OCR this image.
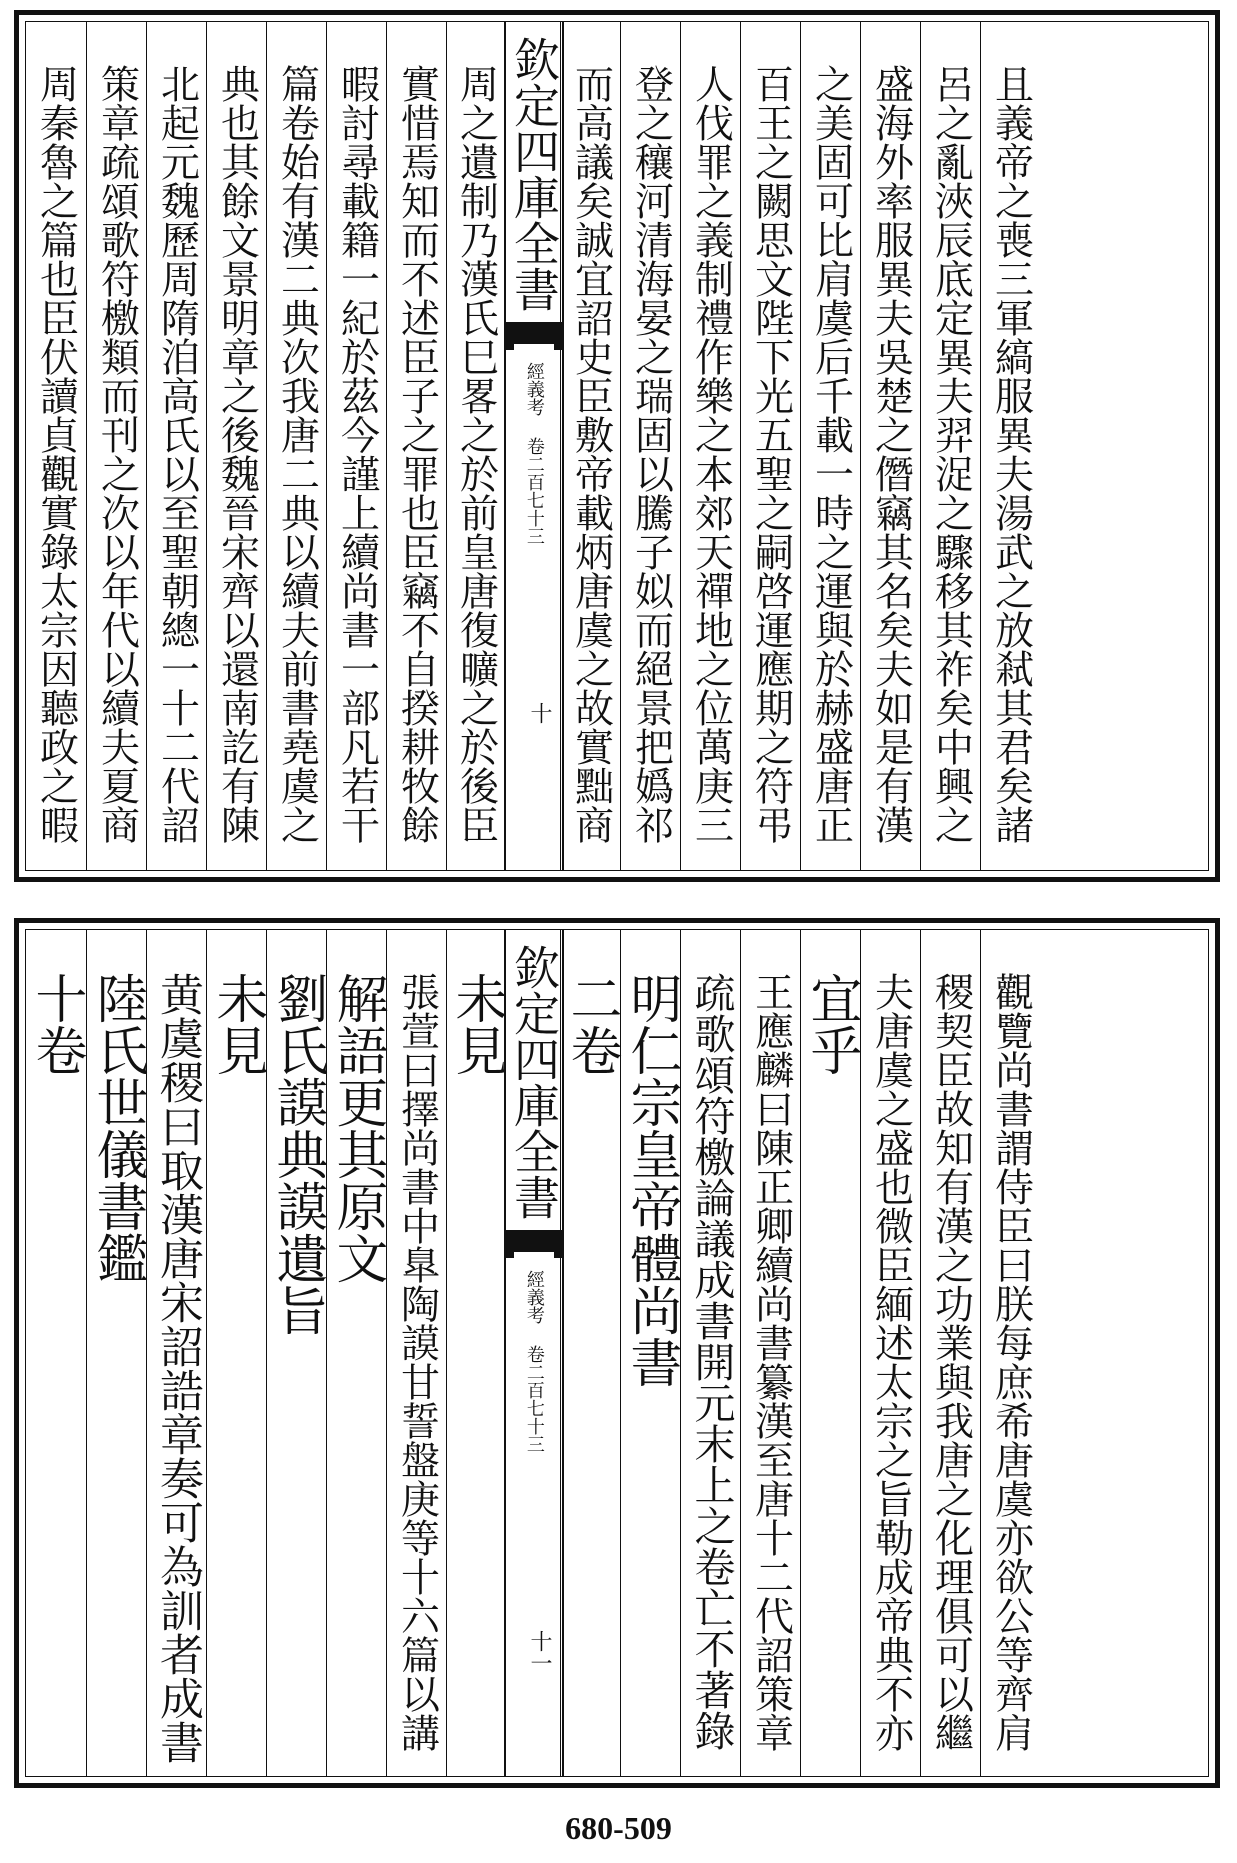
周秦魯之篇也臣伏讀貞觀實錄太宗因聽政之暇 策章疏頌歌符檄類而刊之次以年代以續夫夏商 北起元魏歷周隋洎高氏以至聖朝總一十二代詔 典也其餘文景明章之後魏晉宋齊以還南訖有陳 篇卷始有漢二典次我唐二典以續夫前書堯虞之 暇討尋載籍一紀於茲今謹上續尚書一部凡若干 實惜焉知而不述臣子之罪也臣竊不自揆耕牧餘 周之遺制乃漢氏巳畧之於前皇唐復曠之於後臣 欽定四庫全書
經義考 卷二百七十三
十 而高議矣誠宜詔史臣敷帝載炳唐虞之故實黜商 登之穰河清海晏之瑞固以騰子姒而絕景把嬀祁 人伐罪之義制禮作樂之本郊天禪地之位萬庚三 百王之闕思文陛下光五聖之嗣啓運應期之符弔 之美固可比肩虞后千載一時之運與於赫盛唐正 盛海外率服異夫吳楚之僭竊其名矣夫如是有漢 呂之亂浹辰底定異夫羿浞之驟移其祚矣中興之 且義帝之喪三軍縞服異夫湯武之放弒其君矣諸
十卷 陸氏世儀書鑑 黄虞稷曰取漢唐宋詔誥章奏可為訓者成書 未見 劉氏謨典謨遺旨 解語更其原文 張萱曰擇尚書中臯陶謨甘誓盤庚等十六篇以講 未見 欽定四庫全書
經義考 卷二百七十三
十一
二卷 明仁宗皇帝體尚書 疏歌頌符檄論議成書開元末上之卷亡不著錄 王應麟曰陳正卿續尚書纂漢至唐十二代詔策章 宜乎 夫唐虞之盛也微臣緬述太宗之旨勒成帝典不亦 稷契臣故知有漢之功業與我唐之化理俱可以繼 觀覽尚書謂侍臣曰朕每庶希唐虞亦欲公等齊肩
680-509
